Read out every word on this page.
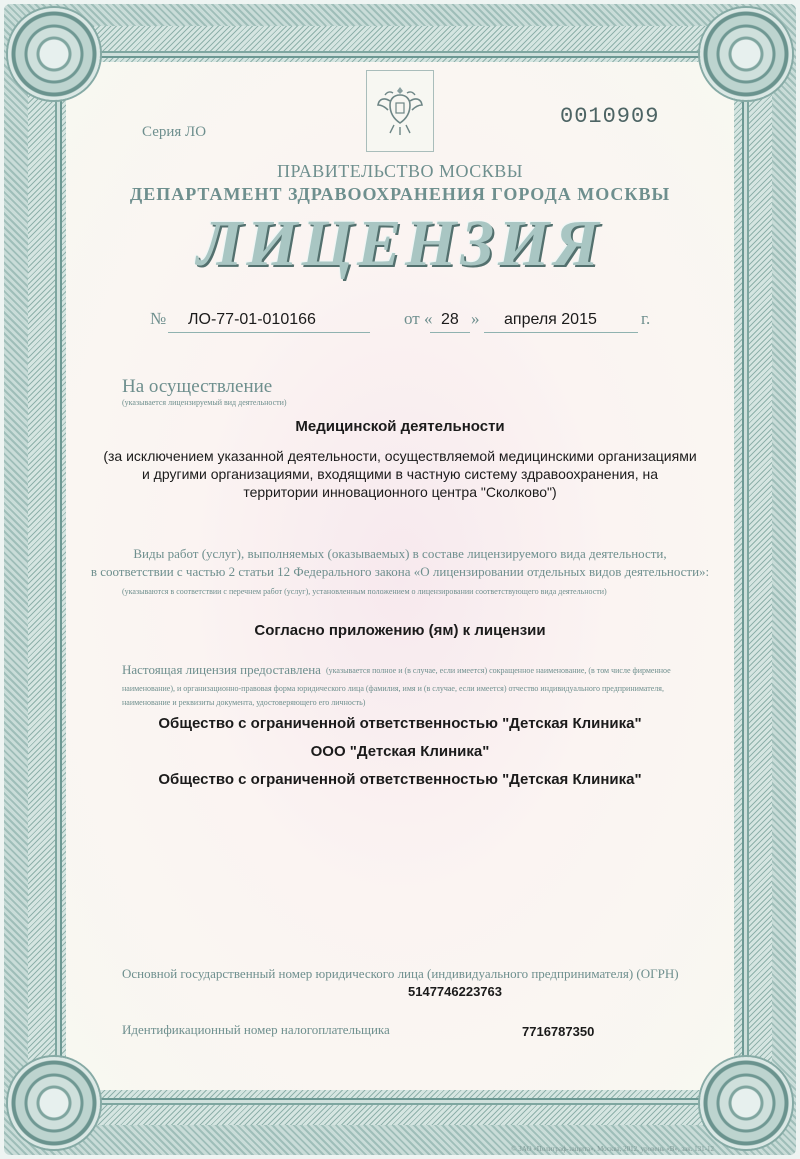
Серия ЛО
0010909
ПРАВИТЕЛЬСТВО МОСКВЫ
ДЕПАРТАМЕНТ ЗДРАВООХРАНЕНИЯ ГОРОДА МОСКВЫ
ЛИЦЕНЗИЯ
№ ЛО-77-01-010166	от « 28 » апреля 2015	г.
На осуществление
(указывается лицензируемый вид деятельности)
Медицинской деятельности
(за исключением указанной деятельности, осуществляемой медицинскими организациями
и другими организациями, входящими в частную систему здравоохранения, на
территории инновационного центра "Сколково")
Виды работ (услуг), выполняемых (оказываемых) в составе лицензируемого вида деятельности,
в соответствии с частью 2 статьи 12 Федерального закона «О лицензировании отдельных видов деятельности»:
(указываются в соответствии с перечнем работ (услуг), установленным положением о лицензировании соответствующего вида деятельности)
Согласно приложению (ям) к лицензии
Настоящая лицензия предоставлена (указывается полное и (в случае, если имеется) сокращенное наименование, (в том числе фирменное
наименование), и организационно-правовая форма юридического лица (фамилия, имя и (в случае, если имеется) отчество индивидуального предпринимателя,
наименование и реквизиты документа, удостоверяющего его личность)
Общество с ограниченной ответственностью "Детская Клиника"
ООО "Детская Клиника"
Общество с ограниченной ответственностью "Детская Клиника"
Основной государственный номер юридического лица (индивидуального предпринимателя) (ОГРН)
5147746223763
Идентификационный номер налогоплательщика	7716787350
© ЗАО «Полиграф-защита», Москва, 2012, уровень «В», зак. 131-12
